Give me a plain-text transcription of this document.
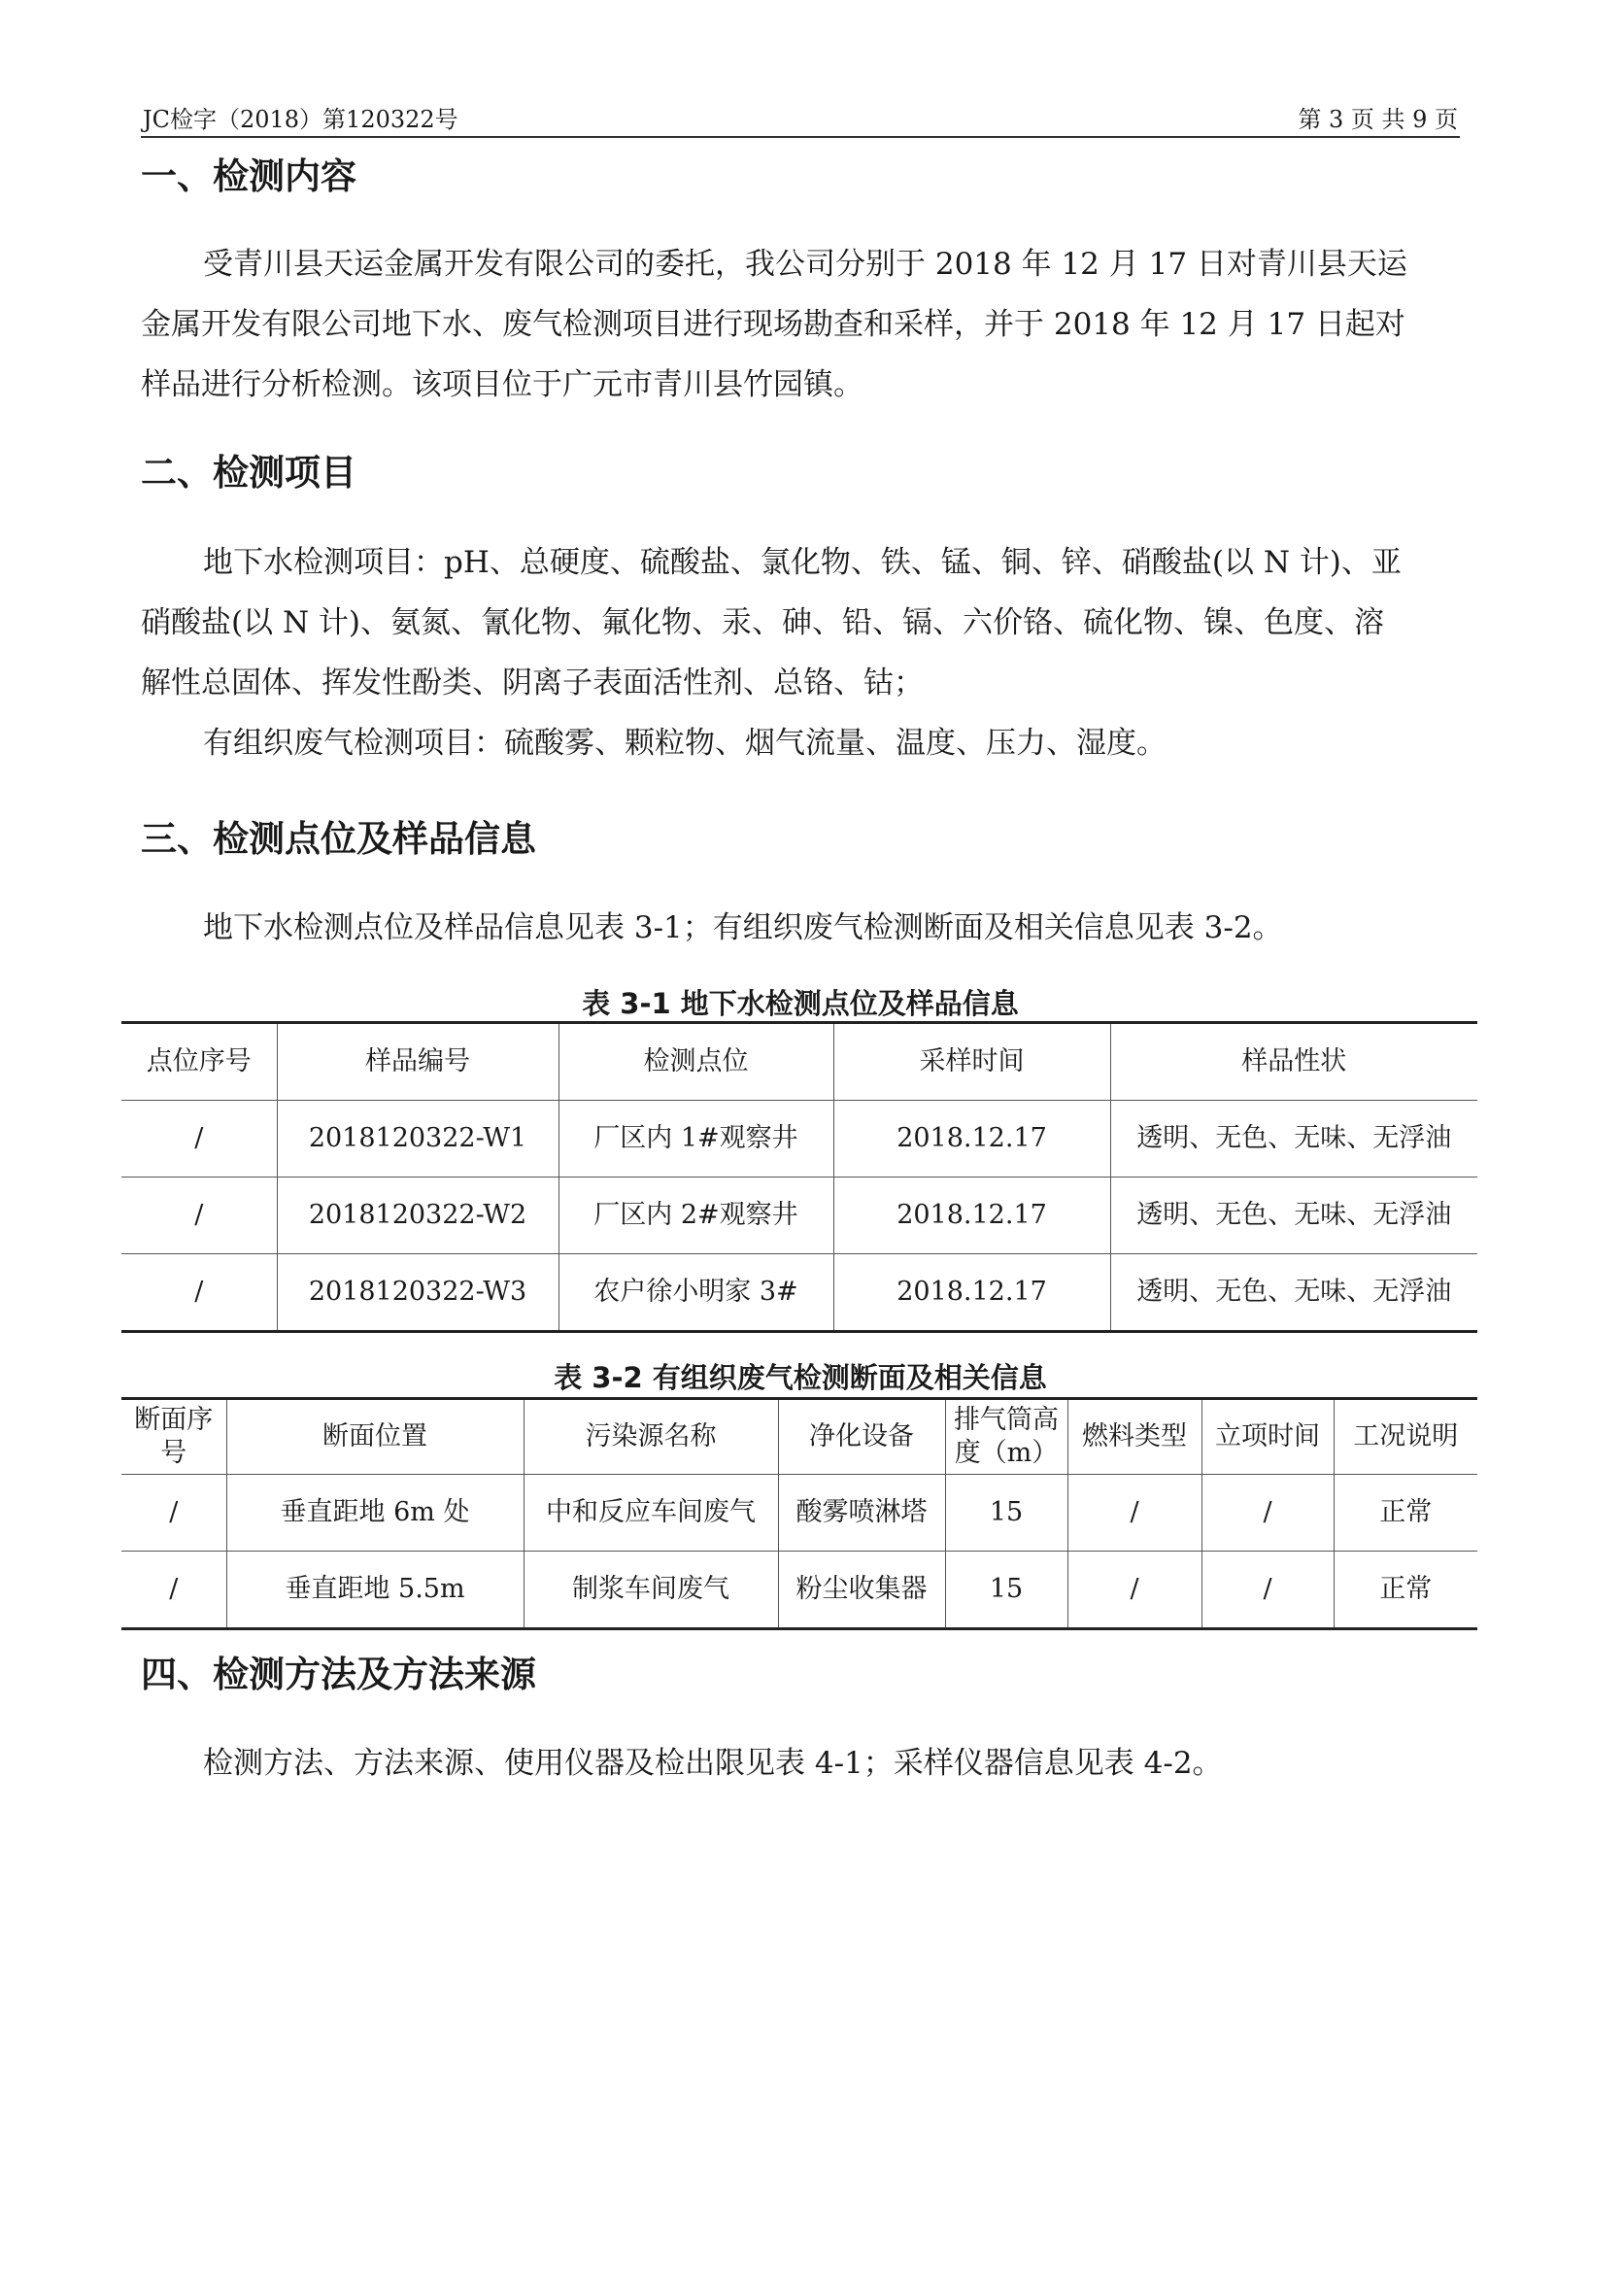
JC检字（2018）第120322号	第 3 页 共 9 页
一、检测内容
受青川县天运金属开发有限公司的委托，我公司分别于 2018 年 12 月 17 日对青川县天运
金属开发有限公司地下水、废气检测项目进行现场勘查和采样，并于 2018 年 12 月 17 日起对
样品进行分析检测。该项目位于广元市青川县竹园镇。
二、检测项目
地下水检测项目：pH、总硬度、硫酸盐、氯化物、铁、锰、铜、锌、硝酸盐(以 N 计)、亚
硝酸盐(以 N 计)、氨氮、氰化物、氟化物、汞、砷、铅、镉、六价铬、硫化物、镍、色度、溶
解性总固体、挥发性酚类、阴离子表面活性剂、总铬、钴；
有组织废气检测项目：硫酸雾、颗粒物、烟气流量、温度、压力、湿度。
三、检测点位及样品信息
地下水检测点位及样品信息见表 3-1；有组织废气检测断面及相关信息见表 3-2。
表 3-1 地下水检测点位及样品信息
点位序号	样品编号	检测点位	采样时间	样品性状
/	2018120322-W1	厂区内 1#观察井	2018.12.17	透明、无色、无味、无浮油
/	2018120322-W2	厂区内 2#观察井	2018.12.17	透明、无色、无味、无浮油
/	2018120322-W3	农户徐小明家 3#	2018.12.17	透明、无色、无味、无浮油
表 3-2 有组织废气检测断面及相关信息
断面序号	断面位置	污染源名称	净化设备	排气筒高度（m）	燃料类型	立项时间	工况说明
/	垂直距地 6m 处	中和反应车间废气	酸雾喷淋塔	15	/	/	正常
/	垂直距地 5.5m	制浆车间废气	粉尘收集器	15	/	/	正常
四、检测方法及方法来源
检测方法、方法来源、使用仪器及检出限见表 4-1；采样仪器信息见表 4-2。
